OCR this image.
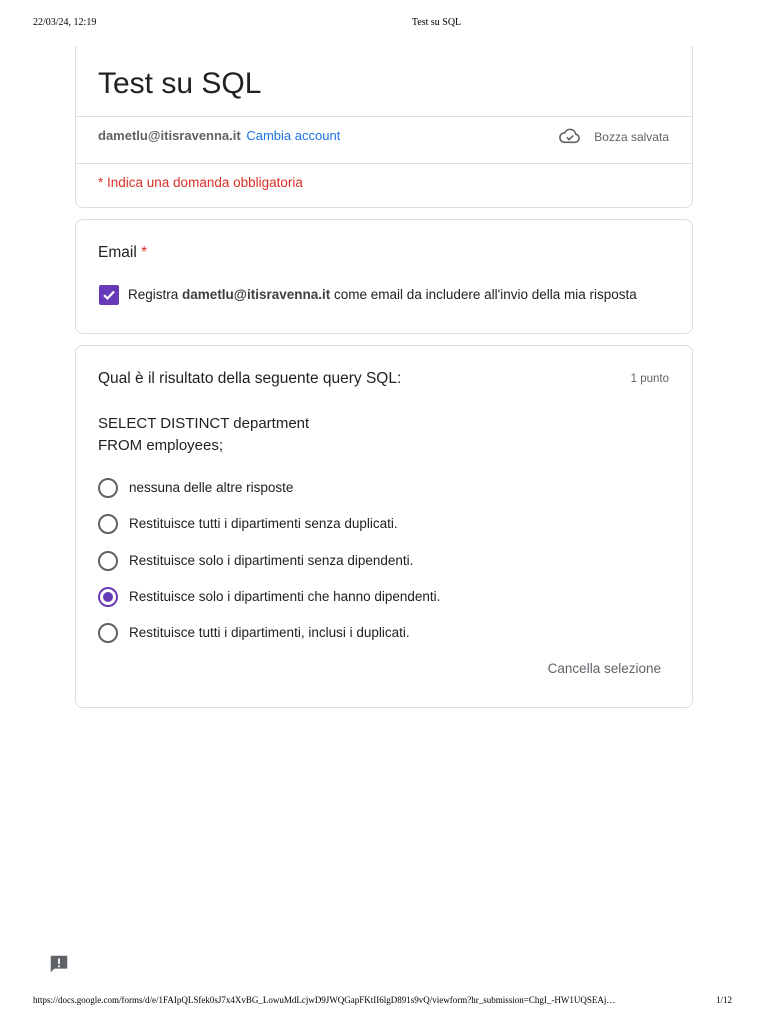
22/03/24, 12:19	Test su SQL
Test su SQL
dametlu@itisravenna.it Cambia account	Bozza salvata
* Indica una domanda obbligatoria
Email *
Registra dametlu@itisravenna.it come email da includere all'invio della mia risposta
Qual è il risultato della seguente query SQL:	1 punto
SELECT DISTINCT department
FROM employees;
nessuna delle altre risposte
Restituisce tutti i dipartimenti senza duplicati.
Restituisce solo i dipartimenti senza dipendenti.
Restituisce solo i dipartimenti che hanno dipendenti.
Restituisce tutti i dipartimenti, inclusi i duplicati.
Cancella selezione
https://docs.google.com/forms/d/e/1FAIpQLSfek0sJ7x4XvBG_LowuMdLcjwD9JWQGapFKtII6lgD891s9vQ/viewform?hr_submission=ChgI_-HW1UQSEAj…	1/12
